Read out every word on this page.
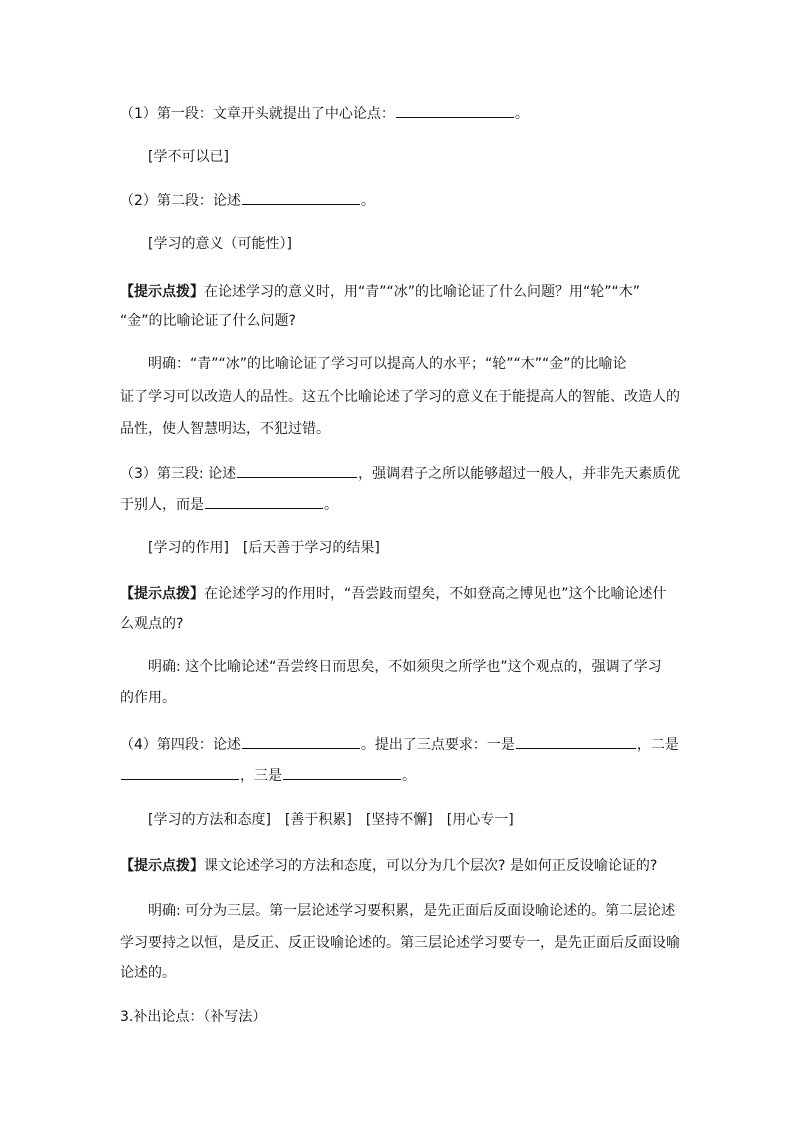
（1）第一段：文章开头就提出了中心论点：	。
[学不可以已]
（2）第二段：论述	。
[学习的意义（可能性）]
【提示点拨】在论述学习的意义时，用“青”“冰”的比喻论证了什么问题？用“轮”“木”
“金”的比喻论证了什么问题?
明确：“青”“冰”的比喻论证了学习可以提高人的水平；“轮”“木”“金”的比喻论
证了学习可以改造人的品性。这五个比喻论述了学习的意义在于能提高人的智能、改造人的
品性，使人智慧明达，不犯过错。
（3）第三段: 论述	，强调君子之所以能够超过一般人，并非先天素质优
于别人，而是	。
[学习的作用]　[后天善于学习的结果]
【提示点拨】在论述学习的作用时，“吾尝跂而望矣，不如登高之博见也”这个比喻论述什
么观点的?
明确: 这个比喻论述“吾尝终日而思矣，不如须臾之所学也”这个观点的，强调了学习
的作用。
（4）第四段：论述	。提出了三点要求：一是	，二是
，三是	。
[学习的方法和态度]　[善于积累]　[坚持不懈]　[用心专一]
【提示点拨】课文论述学习的方法和态度，可以分为几个层次? 是如何正反设喻论证的?
明确: 可分为三层。第一层论述学习要积累，是先正面后反面设喻论述的。第二层论述
学习要持之以恒，是反正、反正设喻论述的。第三层论述学习要专一，是先正面后反面设喻
论述的。
3.补出论点：（补写法）
